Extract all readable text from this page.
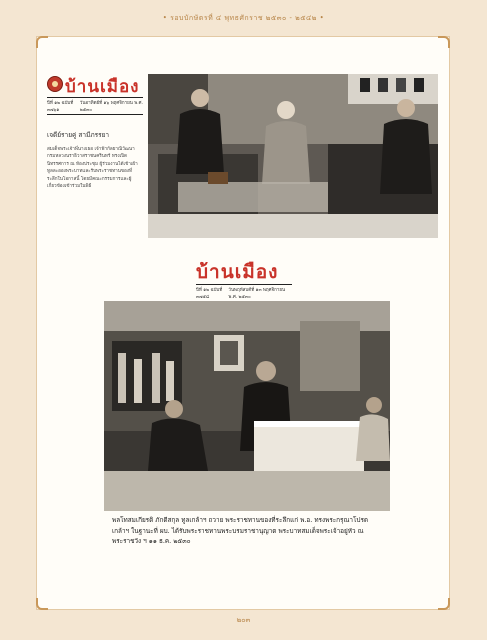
• รอบบักษัตรที่ ๔ พุทธศักราช ๒๕๓๐ - ๒๕๔๒ •
บ้านเมือง
ปีที่ ๑๒ ฉบับที่ ๓๗๖๑
วันอาทิตย์ที่ ๑๖ พฤศจิกายน พ.ศ. ๒๕๓๐
เจดีย์รายคู่ สามีภรรยา
สมเด็จพระเจ้าพี่นางเธอ เจ้าฟ้ากัลยาณิวัฒนา กรมหลวงนราธิวาสราชนครินทร์ ทรงเปิดนิทรรศการ ณ ห้องประชุม ผู้ร่วมงานได้เข้าเฝ้าทูลละอองพระบาทและรับพระราชทานของที่ระลึกในโอกาสนี้ โดยมีคณะกรรมการและผู้เกี่ยวข้องเข้าร่วมในพิธี
บ้านเมือง
ปีที่ ๑๒ ฉบับที่ ๓๗๕๘
วันพฤหัสบดีที่ ๑๓ พฤศจิกายน พ.ศ. ๒๕๓๐
พลโทสมเกียรติ ภักดีสกุล ทูลเกล้าฯ ถวาย พระราชทานของที่ระลึกแก่ พ.อ. ทรงพระกรุณาโปรดเกล้าฯ ในฐานะที่ ผบ. ได้รับพระราชทานพระบรมราชานุญาต พระบาทสมเด็จพระเจ้าอยู่หัว ณ พระราชวัง ฯ ๑๑ ธ.ค. ๒๕๓๐
๒๐๓
